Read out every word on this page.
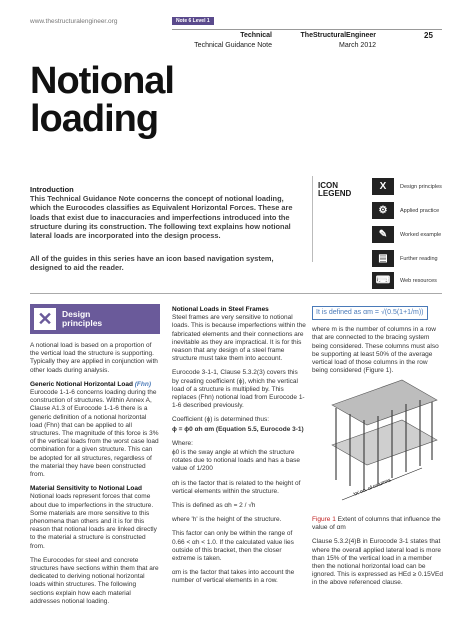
www.thestructuralengineer.org	Note 6 Level 1
Technical
Technical Guidance Note
TheStructuralEngineer
March 2012
25
Notional
loading
Introduction
This Technical Guidance Note concerns the concept of notional loading, which the Eurocodes classifies as Equivalent Horizontal Forces. These are loads that exist due to inaccuracies and imperfections introduced into the structure during its construction. The following text explains how notional lateral loads are incorporated into the design process.
All of the guides in this series have an icon based navigation system, designed to aid the reader.
ICON
LEGEND
X	Design principles
⚙	Applied practice
✎	Worked example
▤	Further reading
⌨	Web resources
✕	Design
principles

A notional load is based on a proportion of the vertical load the structure is supporting. Typically they are applied in conjunction with other loads during analysis.

Generic Notional Horizontal Load (Fhn)

Eurocode 1-1-6 concerns loading during the construction of structures. Within Annex A, Clause A1.3 of Eurocode 1-1-6 there is a generic definition of a notional horizontal load (Fhn) that can be applied to all structures. The magnitude of this force is 3% of the vertical loads from the worst case load combination for a given structure. This can be adopted for all structures, regardless of the material they have been constructed from.

Material Sensitivity to Notional Load

Notional loads represent forces that come about due to imperfections in the structure. Some materials are more sensitive to this phenomena than others and it is for this reason that notional loads are linked directly to the material a structure is constructed from.

The Eurocodes for steel and concrete structures have sections within them that are dedicated to deriving notional horizontal loads within structures. The following sections explain how each material addresses notional loading.

Notional Loads in Steel Frames

Steel frames are very sensitive to notional loads. This is because imperfections within the fabricated elements and their connections are inevitable as they are impractical. It is for this reason that any design of a steel frame structure must take them into account.

Eurocode 3-1-1, Clause 5.3.2(3) covers this by creating coefficient (ϕ), which the vertical load of a structure is multiplied by. This replaces (Fhn) notional load from Eurocode 1-1-6 described previously.

Coefficient (ϕ) is determined thus:

ϕ = ϕ0 αh αm (Equation 5.5, Eurocode 3-1)

Where:

ϕ0 is the sway angle at which the structure rotates due to notional loads and has a base value of 1/200

αh is the factor that is related to the height of vertical elements within the structure.

This is defined as αh = 2 / √h

where 'h' is the height of the structure.

This factor can only be within the range of 0.66 < αh < 1.0. If the calculated value lies outside of this bracket, then the closer extreme is taken.

αm is the factor that takes into account the number of vertical elements in a row.

It is defined as αm = √(0.5(1+1/m))

where m is the number of columns in a row that are connected to the bracing system being considered. These columns must also be supporting at least 50% of the average vertical load of those columns in the row being considered (Figure 1).

'm' no. of columns

Figure 1 Extent of columns that influence the value of αm

Clause 5.3.2(4)B in Eurocode 3-1 states that where the overall applied lateral load is more than 15% of the vertical load in a member then the notional horizontal load can be ignored. This is expressed as HEd ≥ 0.15VEd in the above referenced clause.
